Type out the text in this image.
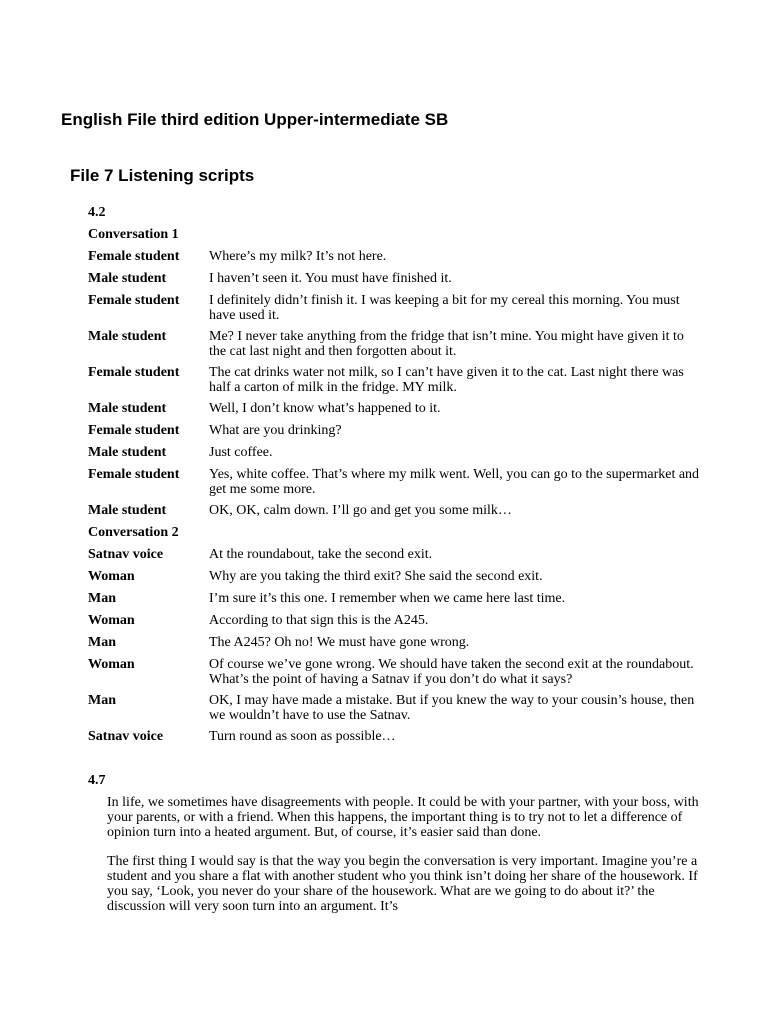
English File third edition Upper-intermediate SB
File 7 Listening scripts
4.2
Conversation 1
Female student	Where’s my milk? It’s not here.
Male student	I haven’t seen it. You must have finished it.
Female student	I definitely didn’t finish it. I was keeping a bit for my cereal this morning. You must have used it.
Male student	Me? I never take anything from the fridge that isn’t mine. You might have given it to the cat last night and then forgotten about it.
Female student	The cat drinks water not milk, so I can’t have given it to the cat. Last night there was half a carton of milk in the fridge. MY milk.
Male student	Well, I don’t know what’s happened to it.
Female student	What are you drinking?
Male student	Just coffee.
Female student	Yes, white coffee. That’s where my milk went. Well, you can go to the supermarket and get me some more.
Male student	OK, OK, calm down. I’ll go and get you some milk…
Conversation 2
Satnav voice	At the roundabout, take the second exit.
Woman	Why are you taking the third exit? She said the second exit.
Man	I’m sure it’s this one. I remember when we came here last time.
Woman	According to that sign this is the A245.
Man	The A245? Oh no! We must have gone wrong.
Woman	Of course we’ve gone wrong. We should have taken the second exit at the roundabout. What’s the point of having a Satnav if you don’t do what it says?
Man	OK, I may have made a mistake. But if you knew the way to your cousin’s house, then we wouldn’t have to use the Satnav.
Satnav voice	Turn round as soon as possible…
4.7

In life, we sometimes have disagreements with people. It could be with your partner, with your boss, with your parents, or with a friend. When this happens, the important thing is to try not to let a difference of opinion turn into a heated argument. But, of course, it’s easier said than done.

The first thing I would say is that the way you begin the conversation is very important. Imagine you’re a student and you share a flat with another student who you think isn’t doing her share of the housework. If you say, ‘Look, you never do your share of the housework. What are we going to do about it?’ the discussion will very soon turn into an argument. It’s
